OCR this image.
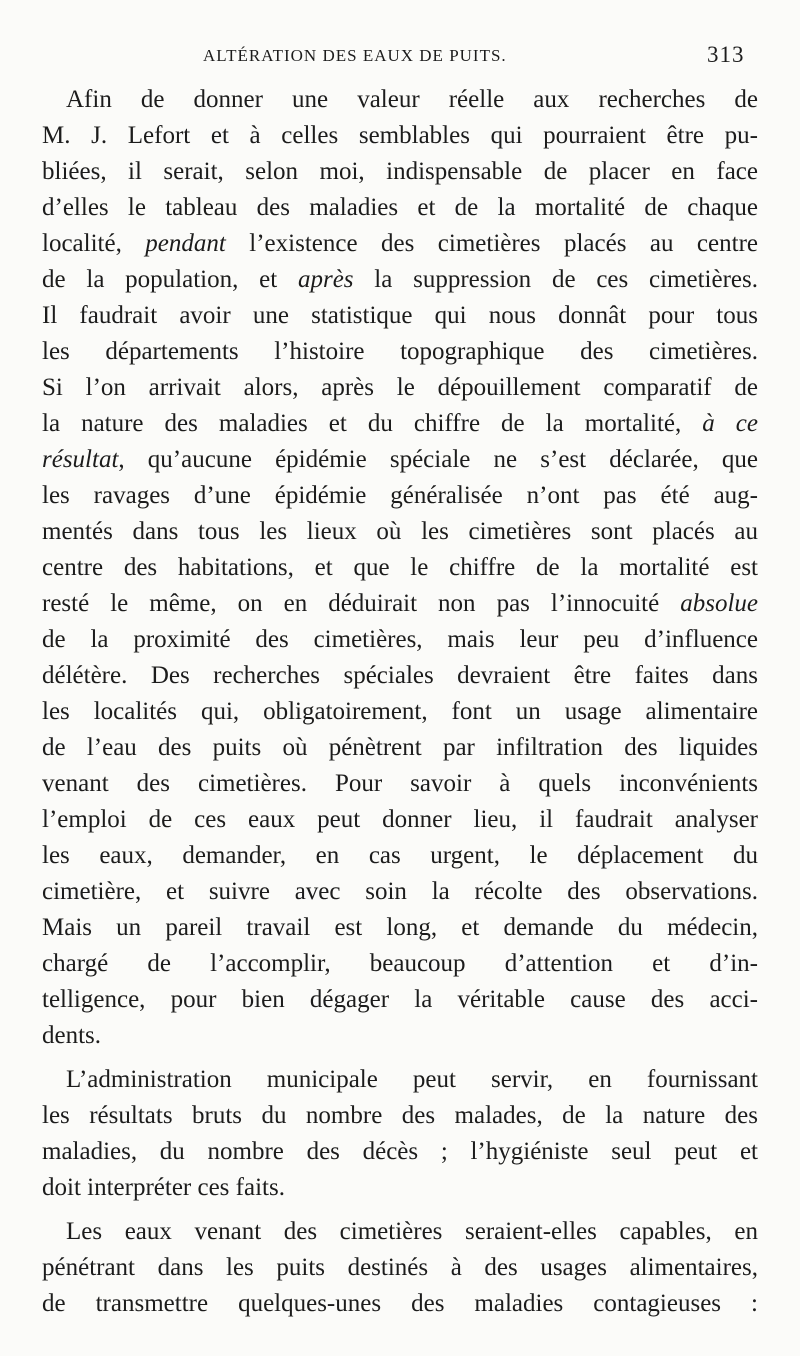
ALTÉRATION DES EAUX DE PUITS.	313
Afin de donner une valeur réelle aux recherches de
M. J. Lefort et à celles semblables qui pourraient être pu-
bliées, il serait, selon moi, indispensable de placer en face
d’elles le tableau des maladies et de la mortalité de chaque
localité, pendant l’existence des cimetières placés au centre
de la population, et après la suppression de ces cimetières.
Il faudrait avoir une statistique qui nous donnât pour tous
les départements l’histoire topographique des cimetières.
Si l’on arrivait alors, après le dépouillement comparatif de
la nature des maladies et du chiffre de la mortalité, à ce
résultat, qu’aucune épidémie spéciale ne s’est déclarée, que
les ravages d’une épidémie généralisée n’ont pas été aug-
mentés dans tous les lieux où les cimetières sont placés au
centre des habitations, et que le chiffre de la mortalité est
resté le même, on en déduirait non pas l’innocuité absolue
de la proximité des cimetières, mais leur peu d’influence
délétère. Des recherches spéciales devraient être faites dans
les localités qui, obligatoirement, font un usage alimentaire
de l’eau des puits où pénètrent par infiltration des liquides
venant des cimetières. Pour savoir à quels inconvénients
l’emploi de ces eaux peut donner lieu, il faudrait analyser
les eaux, demander, en cas urgent, le déplacement du
cimetière, et suivre avec soin la récolte des observations.
Mais un pareil travail est long, et demande du médecin,
chargé de l’accomplir, beaucoup d’attention et d’in-
telligence, pour bien dégager la véritable cause des acci-
dents.
L’administration municipale peut servir, en fournissant
les résultats bruts du nombre des malades, de la nature des
maladies, du nombre des décès ; l’hygiéniste seul peut et
doit interpréter ces faits.
Les eaux venant des cimetières seraient-elles capables, en
pénétrant dans les puits destinés à des usages alimentaires,
de transmettre quelques-unes des maladies contagieuses :
